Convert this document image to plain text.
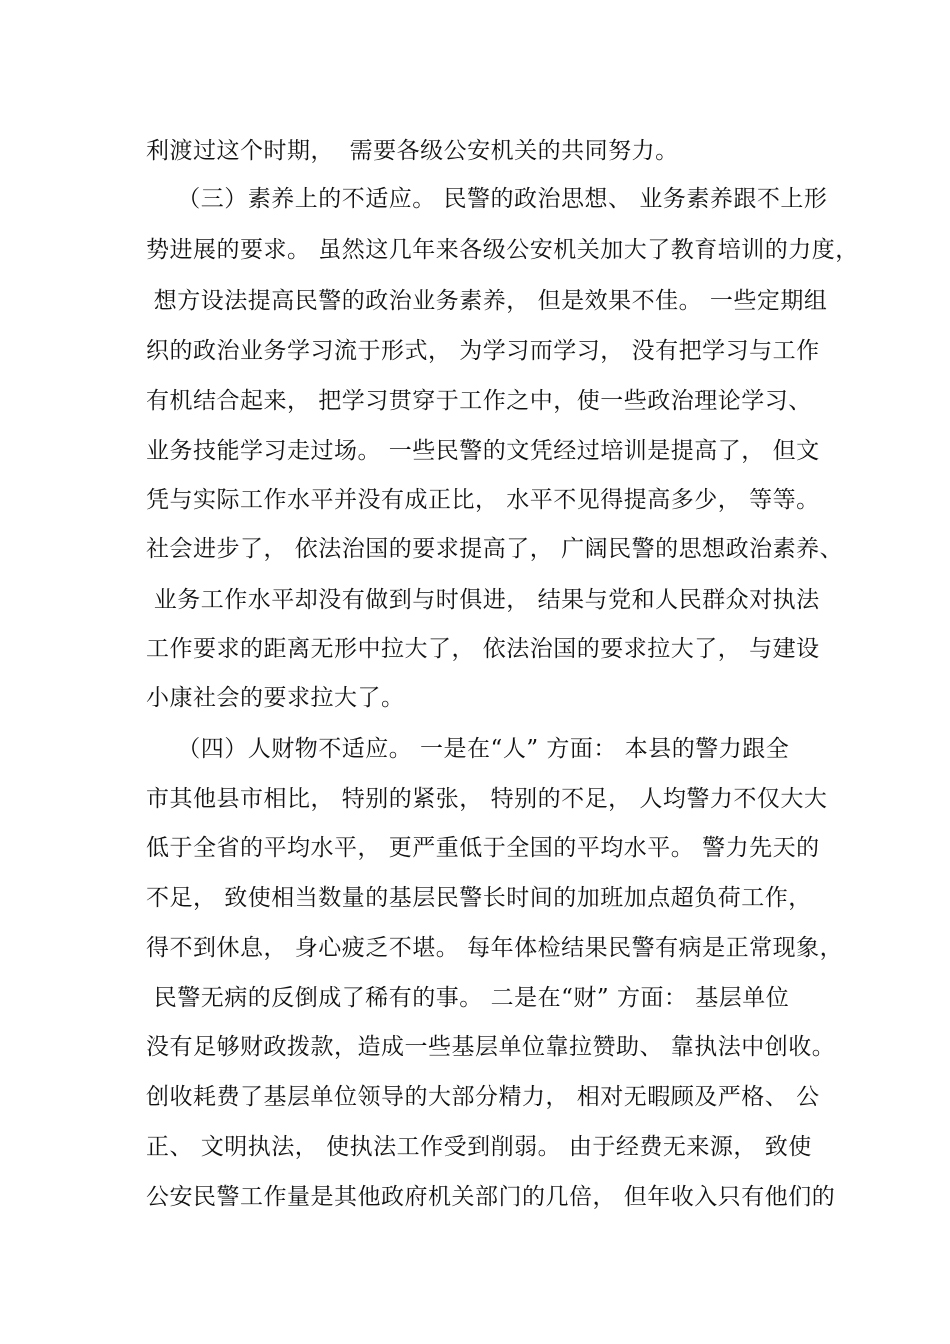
利渡过这个时期，  需要各级公安机关的共同努力。
（三）素养上的不适应。 民警的政治思想、 业务素养跟不上形
势进展的要求。 虽然这几年来各级公安机关加大了教育培训的力度，
想方设法提高民警的政治业务素养， 但是效果不佳。 一些定期组
织的政治业务学习流于形式， 为学习而学习， 没有把学习与工作
有机结合起来， 把学习贯穿于工作之中，使一些政治理论学习、
业务技能学习走过场。 一些民警的文凭经过培训是提高了， 但文
凭与实际工作水平并没有成正比， 水平不见得提高多少， 等等。
社会进步了， 依法治国的要求提高了， 广阔民警的思想政治素养、
业务工作水平却没有做到与时俱进， 结果与党和人民群众对执法
工作要求的距离无形中拉大了， 依法治国的要求拉大了， 与建设
小康社会的要求拉大了。
（四）人财物不适应。 一是在“人” 方面： 本县的警力跟全
市其他县市相比， 特别的紧张， 特别的不足， 人均警力不仅大大
低于全省的平均水平， 更严重低于全国的平均水平。 警力先天的
不足， 致使相当数量的基层民警长时间的加班加点超负荷工作，
得不到休息， 身心疲乏不堪。 每年体检结果民警有病是正常现象，
民警无病的反倒成了稀有的事。 二是在“财” 方面： 基层单位
没有足够财政拨款，造成一些基层单位靠拉赞助、 靠执法中创收。
创收耗费了基层单位领导的大部分精力， 相对无暇顾及严格、 公
正、 文明执法， 使执法工作受到削弱。 由于经费无来源， 致使
公安民警工作量是其他政府机关部门的几倍， 但年收入只有他们的
